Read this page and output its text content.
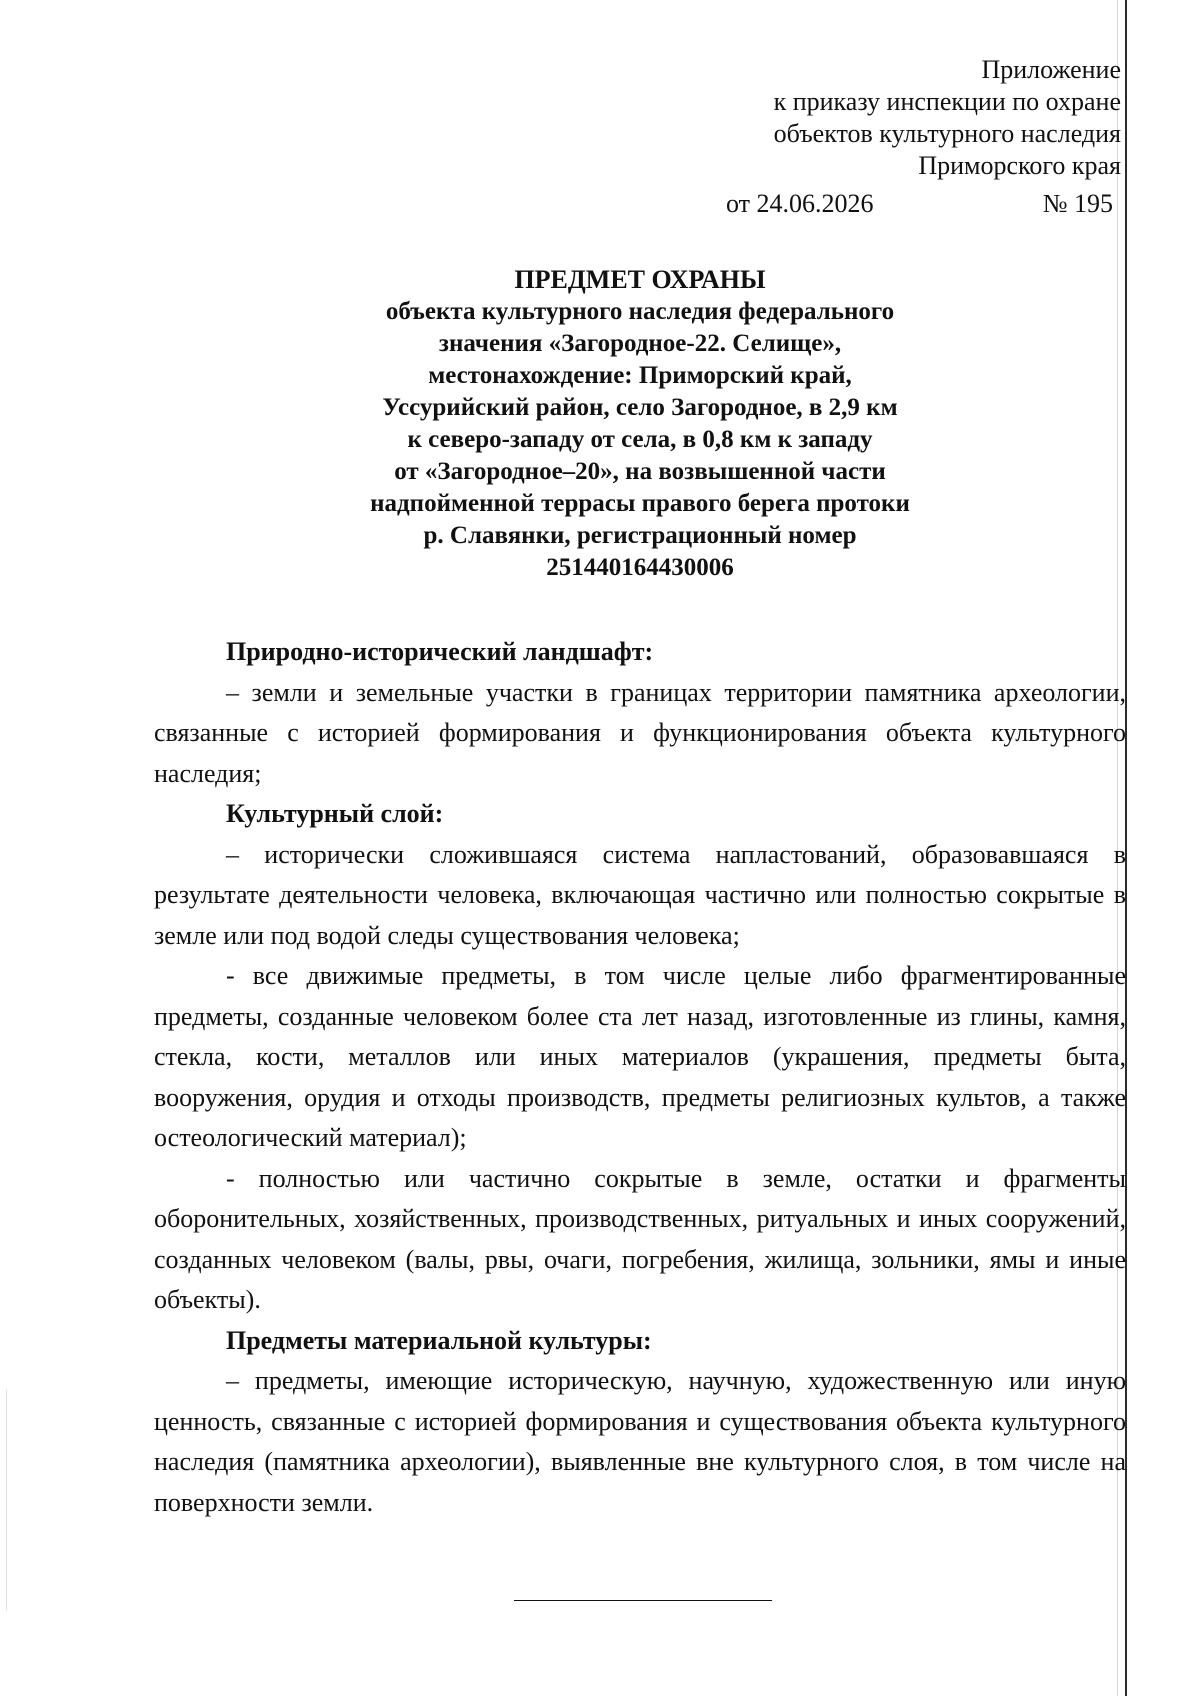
Приложение
к приказу инспекции по охране
объектов культурного наследия
Приморского края
от 24.06.2026	№ 195
ПРЕДМЕТ ОХРАНЫ
объекта культурного наследия федерального
значения «Загородное-22. Селище»,
местонахождение: Приморский край,
Уссурийский район, село Загородное, в 2,9 км
к северо-западу от села, в 0,8 км к западу
от «Загородное–20», на возвышенной части
надпойменной террасы правого берега протоки
р. Славянки, регистрационный номер
251440164430006
Природно-исторический ландшафт:

– земли и земельные участки в границах территории памятника археологии, связанные с историей формирования и функционирования объекта культурного наследия;

Культурный слой:

– исторически сложившаяся система напластований, образовавшаяся в результате деятельности человека, включающая частично или полностью сокрытые в земле или под водой следы существования человека;

- все движимые предметы, в том числе целые либо фрагментированные предметы, созданные человеком более ста лет назад, изготовленные из глины, камня, стекла, кости, металлов или иных материалов (украшения, предметы быта, вооружения, орудия и отходы производств, предметы религиозных культов, а также остеологический материал);

- полностью или частично сокрытые в земле, остатки и фрагменты оборонительных, хозяйственных, производственных, ритуальных и иных сооружений, созданных человеком (валы, рвы, очаги, погребения, жилища, зольники, ямы и иные объекты).

Предметы материальной культуры:

– предметы, имеющие историческую, научную, художественную или иную ценность, связанные с историей формирования и существования объекта культурного наследия (памятника археологии), выявленные вне культурного слоя, в том числе на поверхности земли.
